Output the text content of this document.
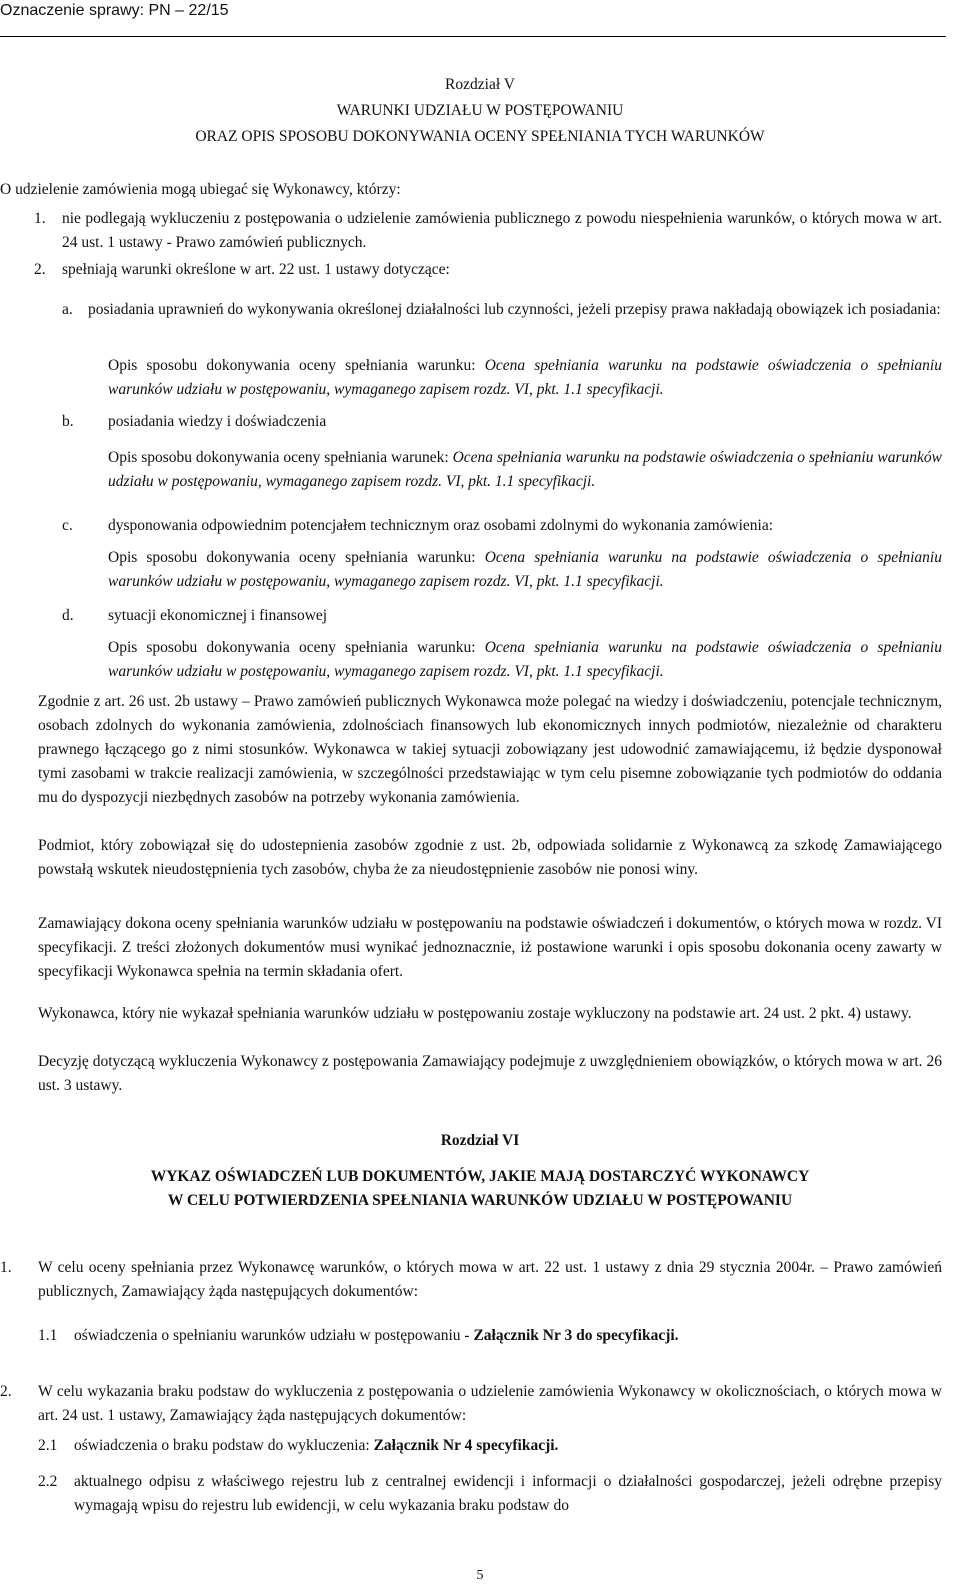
Oznaczenie sprawy: PN – 22/15
Rozdział V
WARUNKI UDZIAŁU W POSTĘPOWANIU
ORAZ OPIS SPOSOBU DOKONYWANIA OCENY SPEŁNIANIA TYCH WARUNKÓW
O udzielenie zamówienia mogą ubiegać się Wykonawcy, którzy:
1. nie podlegają wykluczeniu z postępowania o udzielenie zamówienia publicznego z powodu niespełnienia warunków, o których mowa w art. 24 ust. 1 ustawy - Prawo zamówień publicznych.
2. spełniają warunki określone w art. 22 ust. 1 ustawy dotyczące:
a. posiadania uprawnień do wykonywania określonej działalności lub czynności, jeżeli przepisy prawa nakładają obowiązek ich posiadania:
Opis sposobu dokonywania oceny spełniania warunku: Ocena spełniania warunku na podstawie oświadczenia o spełnianiu warunków udziału w postępowaniu, wymaganego zapisem rozdz. VI, pkt. 1.1 specyfikacji.
b. posiadania wiedzy i doświadczenia
Opis sposobu dokonywania oceny spełniania warunek: Ocena spełniania warunku na podstawie oświadczenia o spełnianiu warunków udziału w postępowaniu, wymaganego zapisem rozdz. VI, pkt. 1.1 specyfikacji.
c. dysponowania odpowiednim potencjałem technicznym oraz osobami zdolnymi do wykonania zamówienia:
Opis sposobu dokonywania oceny spełniania warunku: Ocena spełniania warunku na podstawie oświadczenia o spełnianiu warunków udziału w postępowaniu, wymaganego zapisem rozdz. VI, pkt. 1.1 specyfikacji.
d. sytuacji ekonomicznej i finansowej
Opis sposobu dokonywania oceny spełniania warunku: Ocena spełniania warunku na podstawie oświadczenia o spełnianiu warunków udziału w postępowaniu, wymaganego zapisem rozdz. VI, pkt. 1.1 specyfikacji.
Zgodnie z art. 26 ust. 2b ustawy – Prawo zamówień publicznych Wykonawca może polegać na wiedzy i doświadczeniu, potencjale technicznym, osobach zdolnych do wykonania zamówienia, zdolnościach finansowych lub ekonomicznych innych podmiotów, niezależnie od charakteru prawnego łączącego go z nimi stosunków. Wykonawca w takiej sytuacji zobowiązany jest udowodnić zamawiającemu, iż będzie dysponował tymi zasobami w trakcie realizacji zamówienia, w szczególności przedstawiając w tym celu pisemne zobowiązanie tych podmiotów do oddania mu do dyspozycji niezbędnych zasobów na potrzeby wykonania zamówienia.
Podmiot, który zobowiązał się do udostepnienia zasobów zgodnie z ust. 2b, odpowiada solidarnie z Wykonawcą za szkodę Zamawiającego powstałą wskutek nieudostępnienia tych zasobów, chyba że za nieudostępnienie zasobów nie ponosi winy.
Zamawiający dokona oceny spełniania warunków udziału w postępowaniu na podstawie oświadczeń i dokumentów, o których mowa w rozdz. VI specyfikacji. Z treści złożonych dokumentów musi wynikać jednoznacznie, iż postawione warunki i opis sposobu dokonania oceny zawarty w specyfikacji Wykonawca spełnia na termin składania ofert.
Wykonawca, który nie wykazał spełniania warunków udziału w postępowaniu zostaje wykluczony na podstawie art. 24 ust. 2 pkt. 4) ustawy.
Decyzję dotyczącą wykluczenia Wykonawcy z postępowania Zamawiający podejmuje z uwzględnieniem obowiązków, o których mowa w art. 26 ust. 3 ustawy.
Rozdział VI
WYKAZ OŚWIADCZEŃ LUB DOKUMENTÓW, JAKIE MAJĄ DOSTARCZYĆ WYKONAWCY
W CELU POTWIERDZENIA SPEŁNIANIA WARUNKÓW UDZIAŁU W POSTĘPOWANIU
1. W celu oceny spełniania przez Wykonawcę warunków, o których mowa w art. 22 ust. 1 ustawy z dnia 29 stycznia 2004r. – Prawo zamówień publicznych, Zamawiający żąda następujących dokumentów:
1.1 oświadczenia o spełnianiu warunków udziału w postępowaniu - Załącznik Nr 3 do specyfikacji.
2. W celu wykazania braku podstaw do wykluczenia z postępowania o udzielenie zamówienia Wykonawcy w okolicznościach, o których mowa w art. 24 ust. 1 ustawy, Zamawiający żąda następujących dokumentów:
2.1 oświadczenia o braku podstaw do wykluczenia: Załącznik Nr 4 specyfikacji.
2.2 aktualnego odpisu z właściwego rejestru lub z centralnej ewidencji i informacji o działalności gospodarczej, jeżeli odrębne przepisy wymagają wpisu do rejestru lub ewidencji, w celu wykazania braku podstaw do
5
